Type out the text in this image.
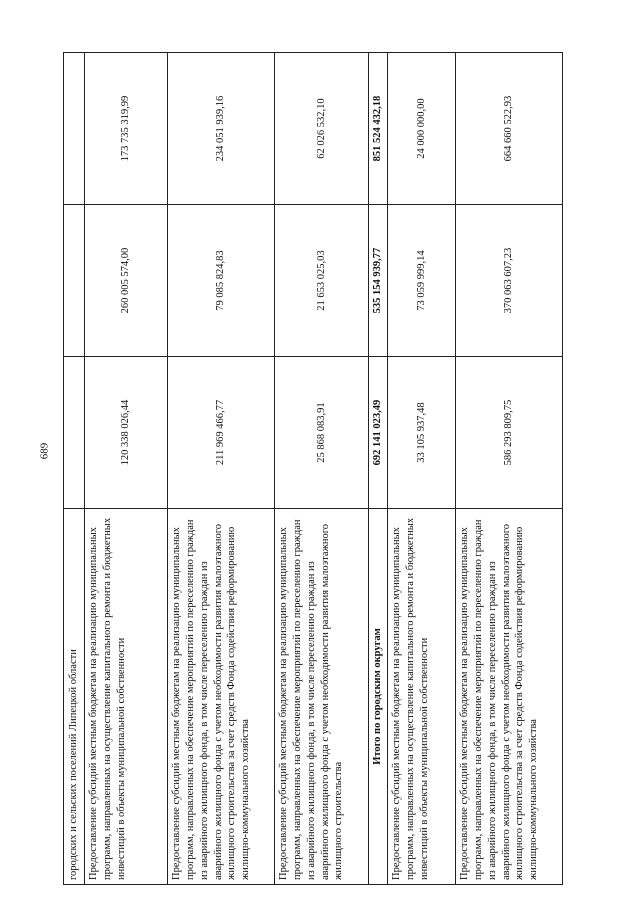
689
городских и сельских поселений Липецкой области			
Предоставление субсидий местным бюджетам на реализацию муниципальных программ, направленных на осуществление капитального ремонта и бюджетных инвестиций в объекты муниципальной собственности	120 338 026,44	260 005 574,00	173 735 319,99
Предоставление субсидий местным бюджетам на реализацию муниципальных программ, направленных на обеспечение мероприятий по переселению граждан из аварийного жилищного фонда, в том числе переселению граждан из аварийного жилищного фонда с учетом необходимости развития малоэтажного жилищного строительства за счет средств Фонда содействия реформированию жилищно-коммунального хозяйства	211 969 466,77	79 085 824,83	234 051 939,16
Предоставление субсидий местным бюджетам на реализацию муниципальных программ, направленных на обеспечение мероприятий по переселению граждан из аварийного жилищного фонда, в том числе переселению граждан из аварийного жилищного фонда с учетом необходимости развития малоэтажного жилищного строительства	25 868 083,91	21 653 025,03	62 026 532,10
Итого по городским округам	692 141 023,49	535 154 939,77	851 524 432,18
Предоставление субсидий местным бюджетам на реализацию муниципальных программ, направленных на осуществление капитального ремонта и бюджетных инвестиций в объекты муниципальной собственности	33 105 937,48	73 059 999,14	24 000 000,00
Предоставление субсидий местным бюджетам на реализацию муниципальных программ, направленных на обеспечение мероприятий по переселению граждан из аварийного жилищного фонда, в том числе переселению граждан из аварийного жилищного фонда с учетом необходимости развития малоэтажного жилищного строительства за счет средств Фонда содействия реформированию жилищно-коммунального хозяйства	586 293 809,75	370 063 607,23	664 660 522,93
